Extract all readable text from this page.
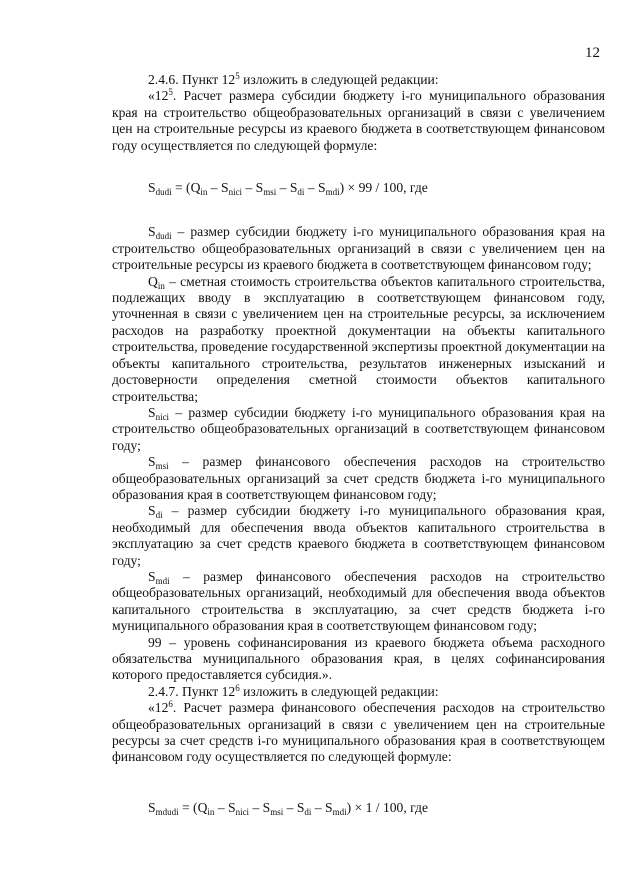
12

2.4.6. Пункт $12^5$ изложить в следующей редакции:

«$12^5$. Расчет размера субсидии бюджету i-го муниципального образования края на строительство общеобразовательных организаций в связи с увеличением цен на строительные ресурсы из краевого бюджета в соответствующем финансовом году осуществляется по следующей формуле:

$S_{dudi} = (Q_{in} - S_{nici} - S_{msi} - S_{di} - S_{mdi}) \times 99 / 100$, где

$S_{dudi}$ – размер субсидии бюджету i-го муниципального образования края на строительство общеобразовательных организаций в связи с увеличением цен на строительные ресурсы из краевого бюджета в соответствующем финансовом году;

$Q_{in}$ – сметная стоимость строительства объектов капитального строительства, подлежащих вводу в эксплуатацию в соответствующем финансовом году, уточненная в связи с увеличением цен на строительные ресурсы, за исключением расходов на разработку проектной документации на объекты капитального строительства, проведение государственной экспертизы проектной документации на объекты капитального строительства, результатов инженерных изысканий и достоверности определения сметной стоимости объектов капитального строительства;

$S_{nici}$ – размер субсидии бюджету i-го муниципального образования края на строительство общеобразовательных организаций в соответствующем финансовом году;

$S_{msi}$ – размер финансового обеспечения расходов на строительство общеобразовательных организаций за счет средств бюджета i-го муниципального образования края в соответствующем финансовом году;

$S_{di}$ – размер субсидии бюджету i-го муниципального образования края, необходимый для обеспечения ввода объектов капитального строительства в эксплуатацию за счет средств краевого бюджета в соответствующем финансовом году;

$S_{mdi}$ – размер финансового обеспечения расходов на строительство общеобразовательных организаций, необходимый для обеспечения ввода объектов капитального строительства в эксплуатацию, за счет средств бюджета i-го муниципального образования края в соответствующем финансовом году;

99 – уровень софинансирования из краевого бюджета объема расходного обязательства муниципального образования края, в целях софинансирования которого предоставляется субсидия.».

2.4.7. Пункт $12^6$ изложить в следующей редакции:

«$12^6$. Расчет размера финансового обеспечения расходов на строительство общеобразовательных организаций в связи с увеличением цен на строительные ресурсы за счет средств i-го муниципального образования края в соответствующем финансовом году осуществляется по следующей формуле:

$S_{mdudi} = (Q_{in} - S_{nici} - S_{msi} - S_{di} - S_{mdi}) \times 1 / 100$, где
